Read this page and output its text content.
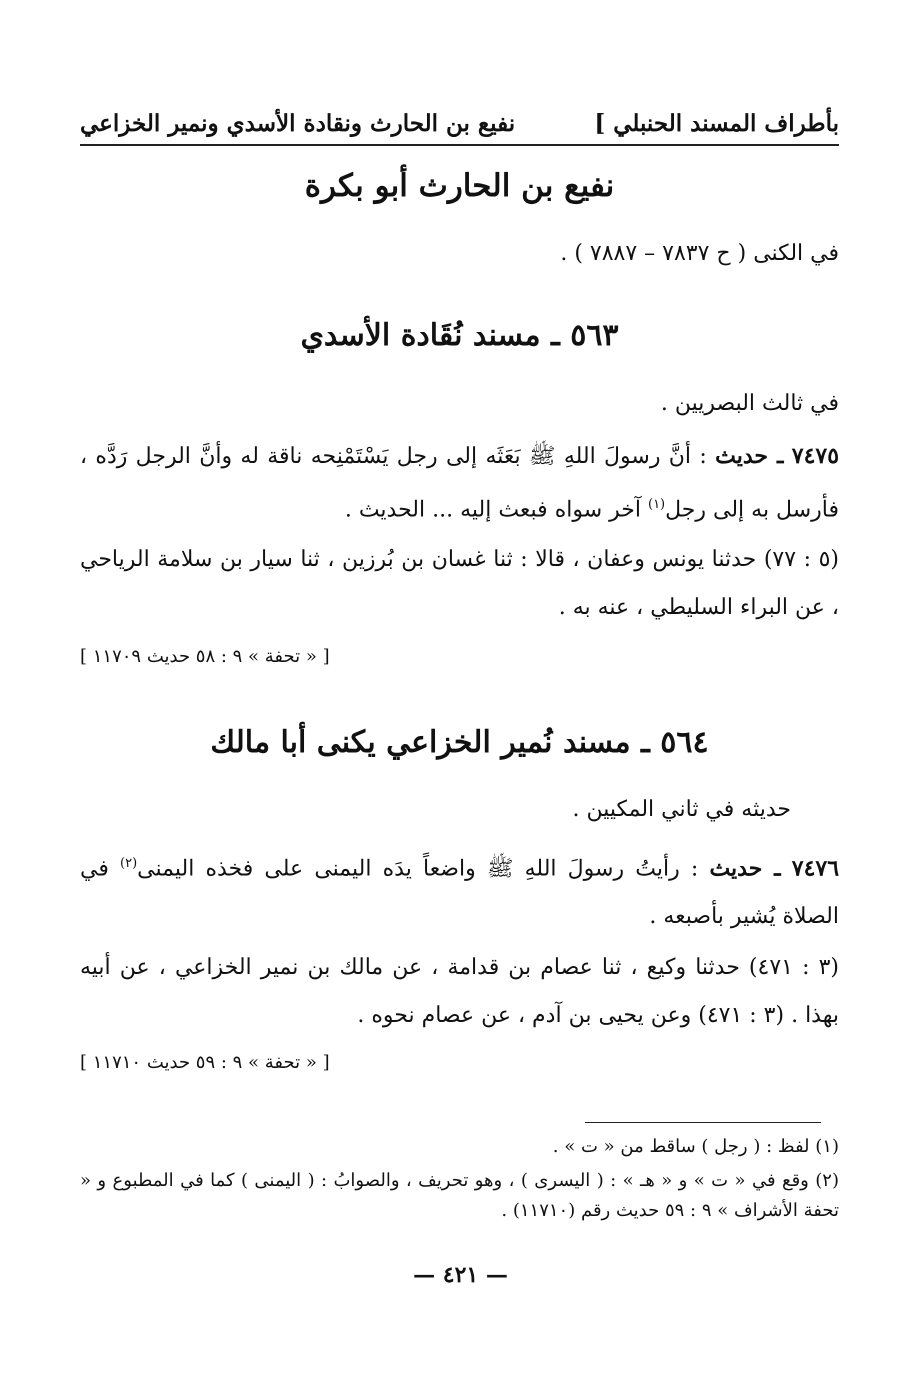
بأطراف المسند الحنبلي ]
نفيع بن الحارث ونقادة الأسدي ونمير الخزاعي
نفيع بن الحارث أبو بكرة
في الكنى ( ح ٧٨٣٧ – ٧٨٨٧ ) .
٥٦٣ ـ مسند نُقَادة الأسدي
في ثالث البصريين .
٧٤٧٥ ـ حديث : أنَّ رسولَ اللهِ ﷺ بَعَثَه إلى رجل يَسْتَمْنِحه ناقة له وأنَّ الرجل رَدَّه ، فأرسل به إلى رجل$^{(١)}$ آخر سواه فبعث إليه ... الحديث .
(٥ : ٧٧) حدثنا يونس وعفان ، قالا : ثنا غسان بن بُرزين ، ثنا سيار بن سلامة الرياحي ، عن البراء السليطي ، عنه به .
[ « تحفة » ٩ : ٥٨ حديث ١١٧٠٩ ]
٥٦٤ ـ مسند نُمير الخزاعي يكنى أبا مالك
حديثه في ثاني المكيين .
٧٤٧٦ ـ حديث : رأيتُ رسولَ اللهِ ﷺ واضعاً يدَه اليمنى على فخذه اليمنى$^{(٢)}$ في الصلاة يُشير بأصبعه .
(٣ : ٤٧١) حدثنا وكيع ، ثنا عصام بن قدامة ، عن مالك بن نمير الخزاعي ، عن أبيه بهذا . (٣ : ٤٧١) وعن يحيى بن آدم ، عن عصام نحوه .
[ « تحفة » ٩ : ٥٩ حديث ١١٧١٠ ]
(١) لفظ : ( رجل ) ساقط من « ت » .
(٢) وقع في « ت » و « هـ » : ( اليسرى ) ، وهو تحريف ، والصوابُ : ( اليمنى ) كما في المطبوع و « تحفة الأشراف » ٩ : ٥٩ حديث رقم (١١٧١٠) .
— ٤٢١ —
